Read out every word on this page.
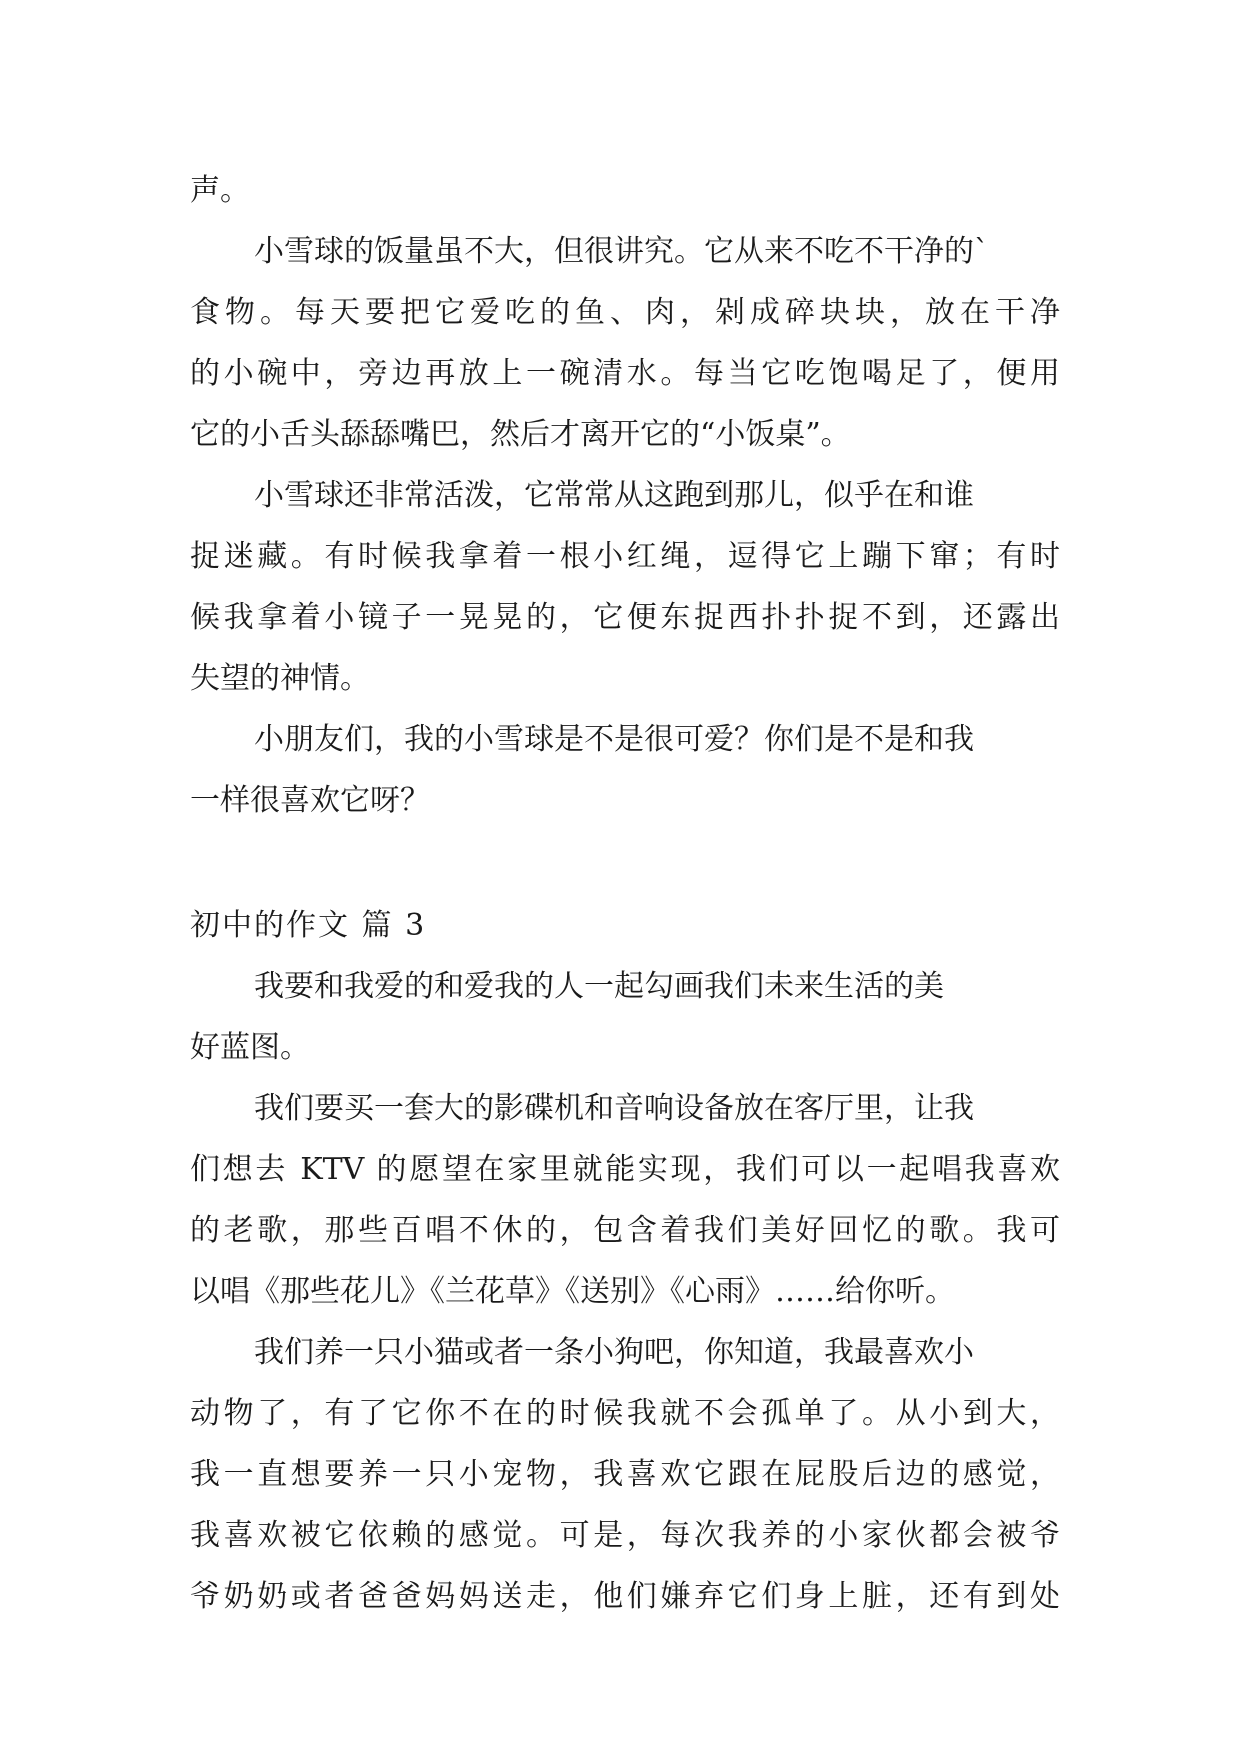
声。
小雪球的饭量虽不大，但很讲究。它从来不吃不干净的`
食物。每天要把它爱吃的鱼、肉，剁成碎块块，放在干净
的小碗中，旁边再放上一碗清水。每当它吃饱喝足了，便用
它的小舌头舔舔嘴巴，然后才离开它的“小饭桌”。
小雪球还非常活泼，它常常从这跑到那儿，似乎在和谁
捉迷藏。有时候我拿着一根小红绳，逗得它上蹦下窜；有时
候我拿着小镜子一晃晃的，它便东捉西扑扑捉不到，还露出
失望的神情。
小朋友们，我的小雪球是不是很可爱？你们是不是和我
一样很喜欢它呀？
初中的作文 篇 3
我要和我爱的和爱我的人一起勾画我们未来生活的美
好蓝图。
我们要买一套大的影碟机和音响设备放在客厅里，让我
们想去 KTV 的愿望在家里就能实现，我们可以一起唱我喜欢
的老歌，那些百唱不休的，包含着我们美好回忆的歌。我可
以唱《那些花儿》《兰花草》《送别》《心雨》……给你听。
我们养一只小猫或者一条小狗吧，你知道，我最喜欢小
动物了，有了它你不在的时候我就不会孤单了。从小到大，
我一直想要养一只小宠物，我喜欢它跟在屁股后边的感觉，
我喜欢被它依赖的感觉。可是，每次我养的小家伙都会被爷
爷奶奶或者爸爸妈妈送走，他们嫌弃它们身上脏，还有到处
